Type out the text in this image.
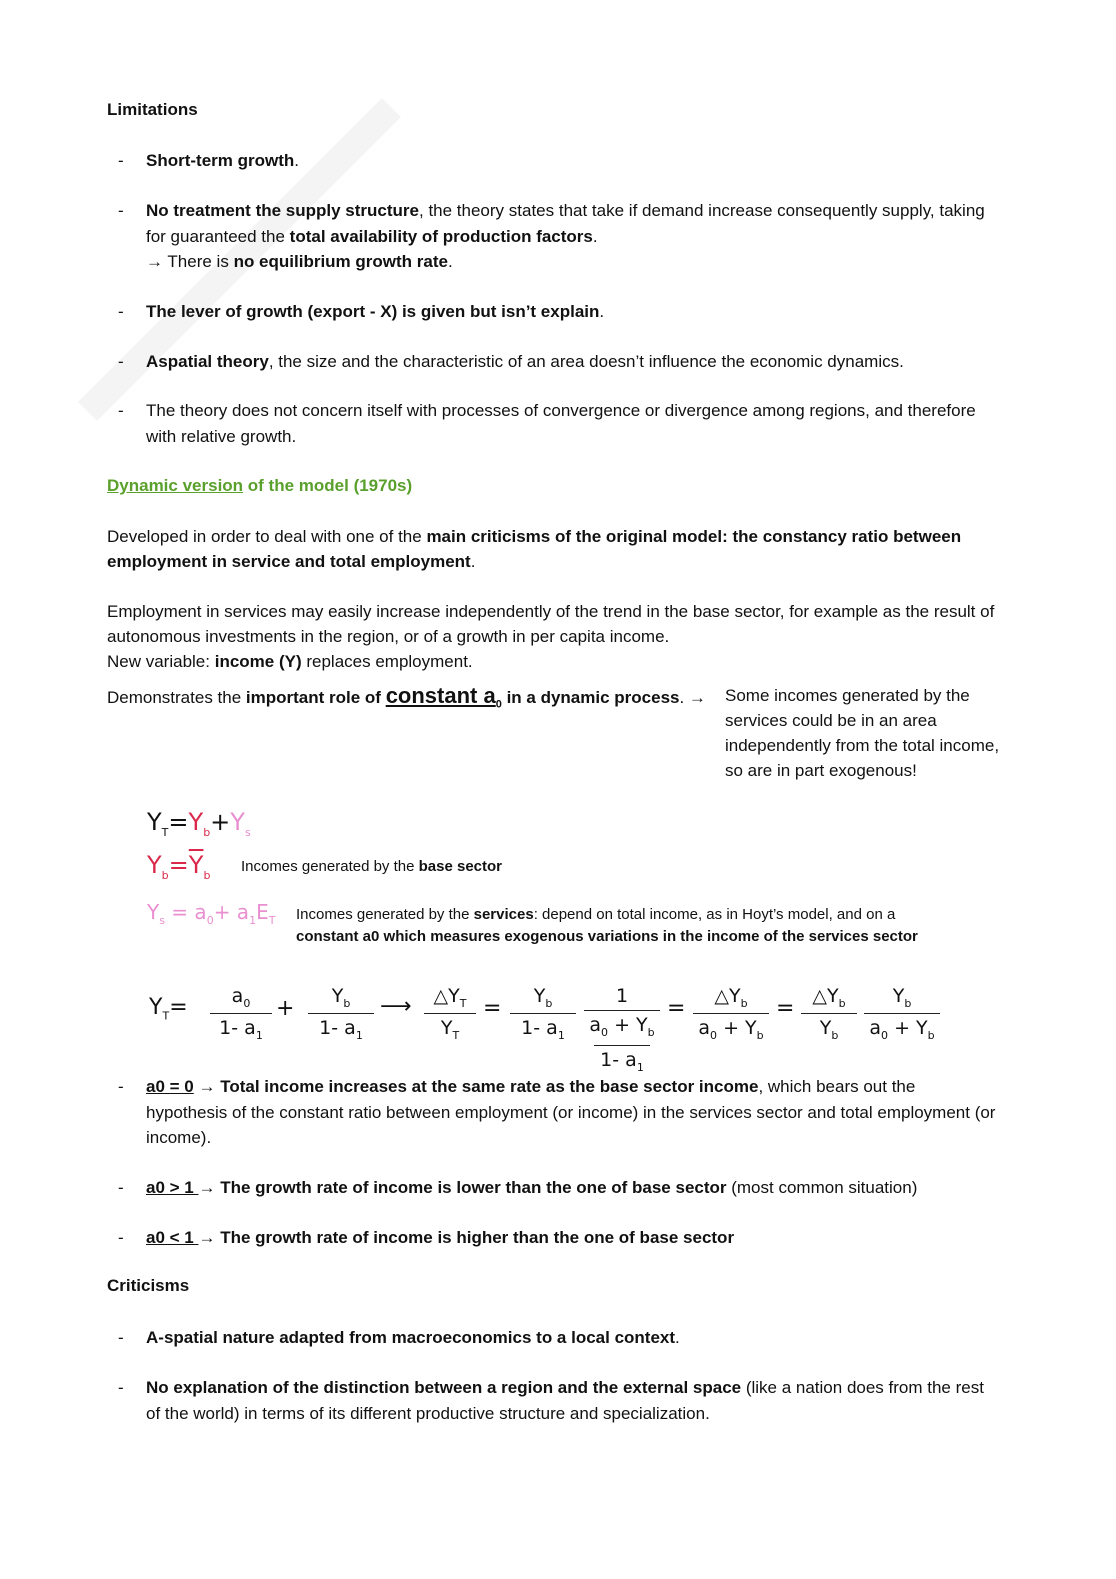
Limitations
- Short-term growth.
- No treatment the supply structure, the theory states that take if demand increase consequently supply, taking for guaranteed the total availability of production factors.
→ There is no equilibrium growth rate.
- The lever of growth (export - X) is given but isn’t explain.
- Aspatial theory, the size and the characteristic of an area doesn’t influence the economic dynamics.
- The theory does not concern itself with processes of convergence or divergence among regions, and therefore with relative growth.
Dynamic version of the model (1970s)
Developed in order to deal with one of the main criticisms of the original model: the constancy ratio between employment in service and total employment.
Employment in services may easily increase independently of the trend in the base sector, for example as the result of autonomous investments in the region, or of a growth in per capita income.
New variable: income (Y) replaces employment.
Demonstrates the important role of constant $a_0$ in a dynamic process. →	Some incomes generated by the services could be in an area independently from the total income, so are in part exogenous!
$Y_T=Y_b+Y_s$
$Y_b=\overline{Y}_b$
Incomes generated by the base sector
$Y_s = a_0+ a_1E_T$ Incomes generated by the services: depend on total income, as in Hoyt’s model, and on a
constant a0 which measures exogenous variations in the income of the services sector
$Y_T=$	$a_0$
1- $a_1$
+	$Y_b$
1- $a_1$
⟶	$\triangle Y_T$
$Y_T$
=	$Y_b$
1- $a_1$
1
$a_0 + Y_b$
1- $a_1$
=	$\triangle Y_b$
$a_0 + Y_b$
= $\triangle Y_b$
$Y_b$
$Y_b$
$a_0 + Y_b$
- a0 = 0 → Total income increases at the same rate as the base sector income, which bears out the hypothesis of the constant ratio between employment (or income) in the services sector and total employment (or income).
- a0 > 1 → The growth rate of income is lower than the one of base sector (most common situation)
- a0 < 1 → The growth rate of income is higher than the one of base sector
Criticisms
- A-spatial nature adapted from macroeconomics to a local context.
- No explanation of the distinction between a region and the external space (like a nation does from the rest of the world) in terms of its different productive structure and specialization.
